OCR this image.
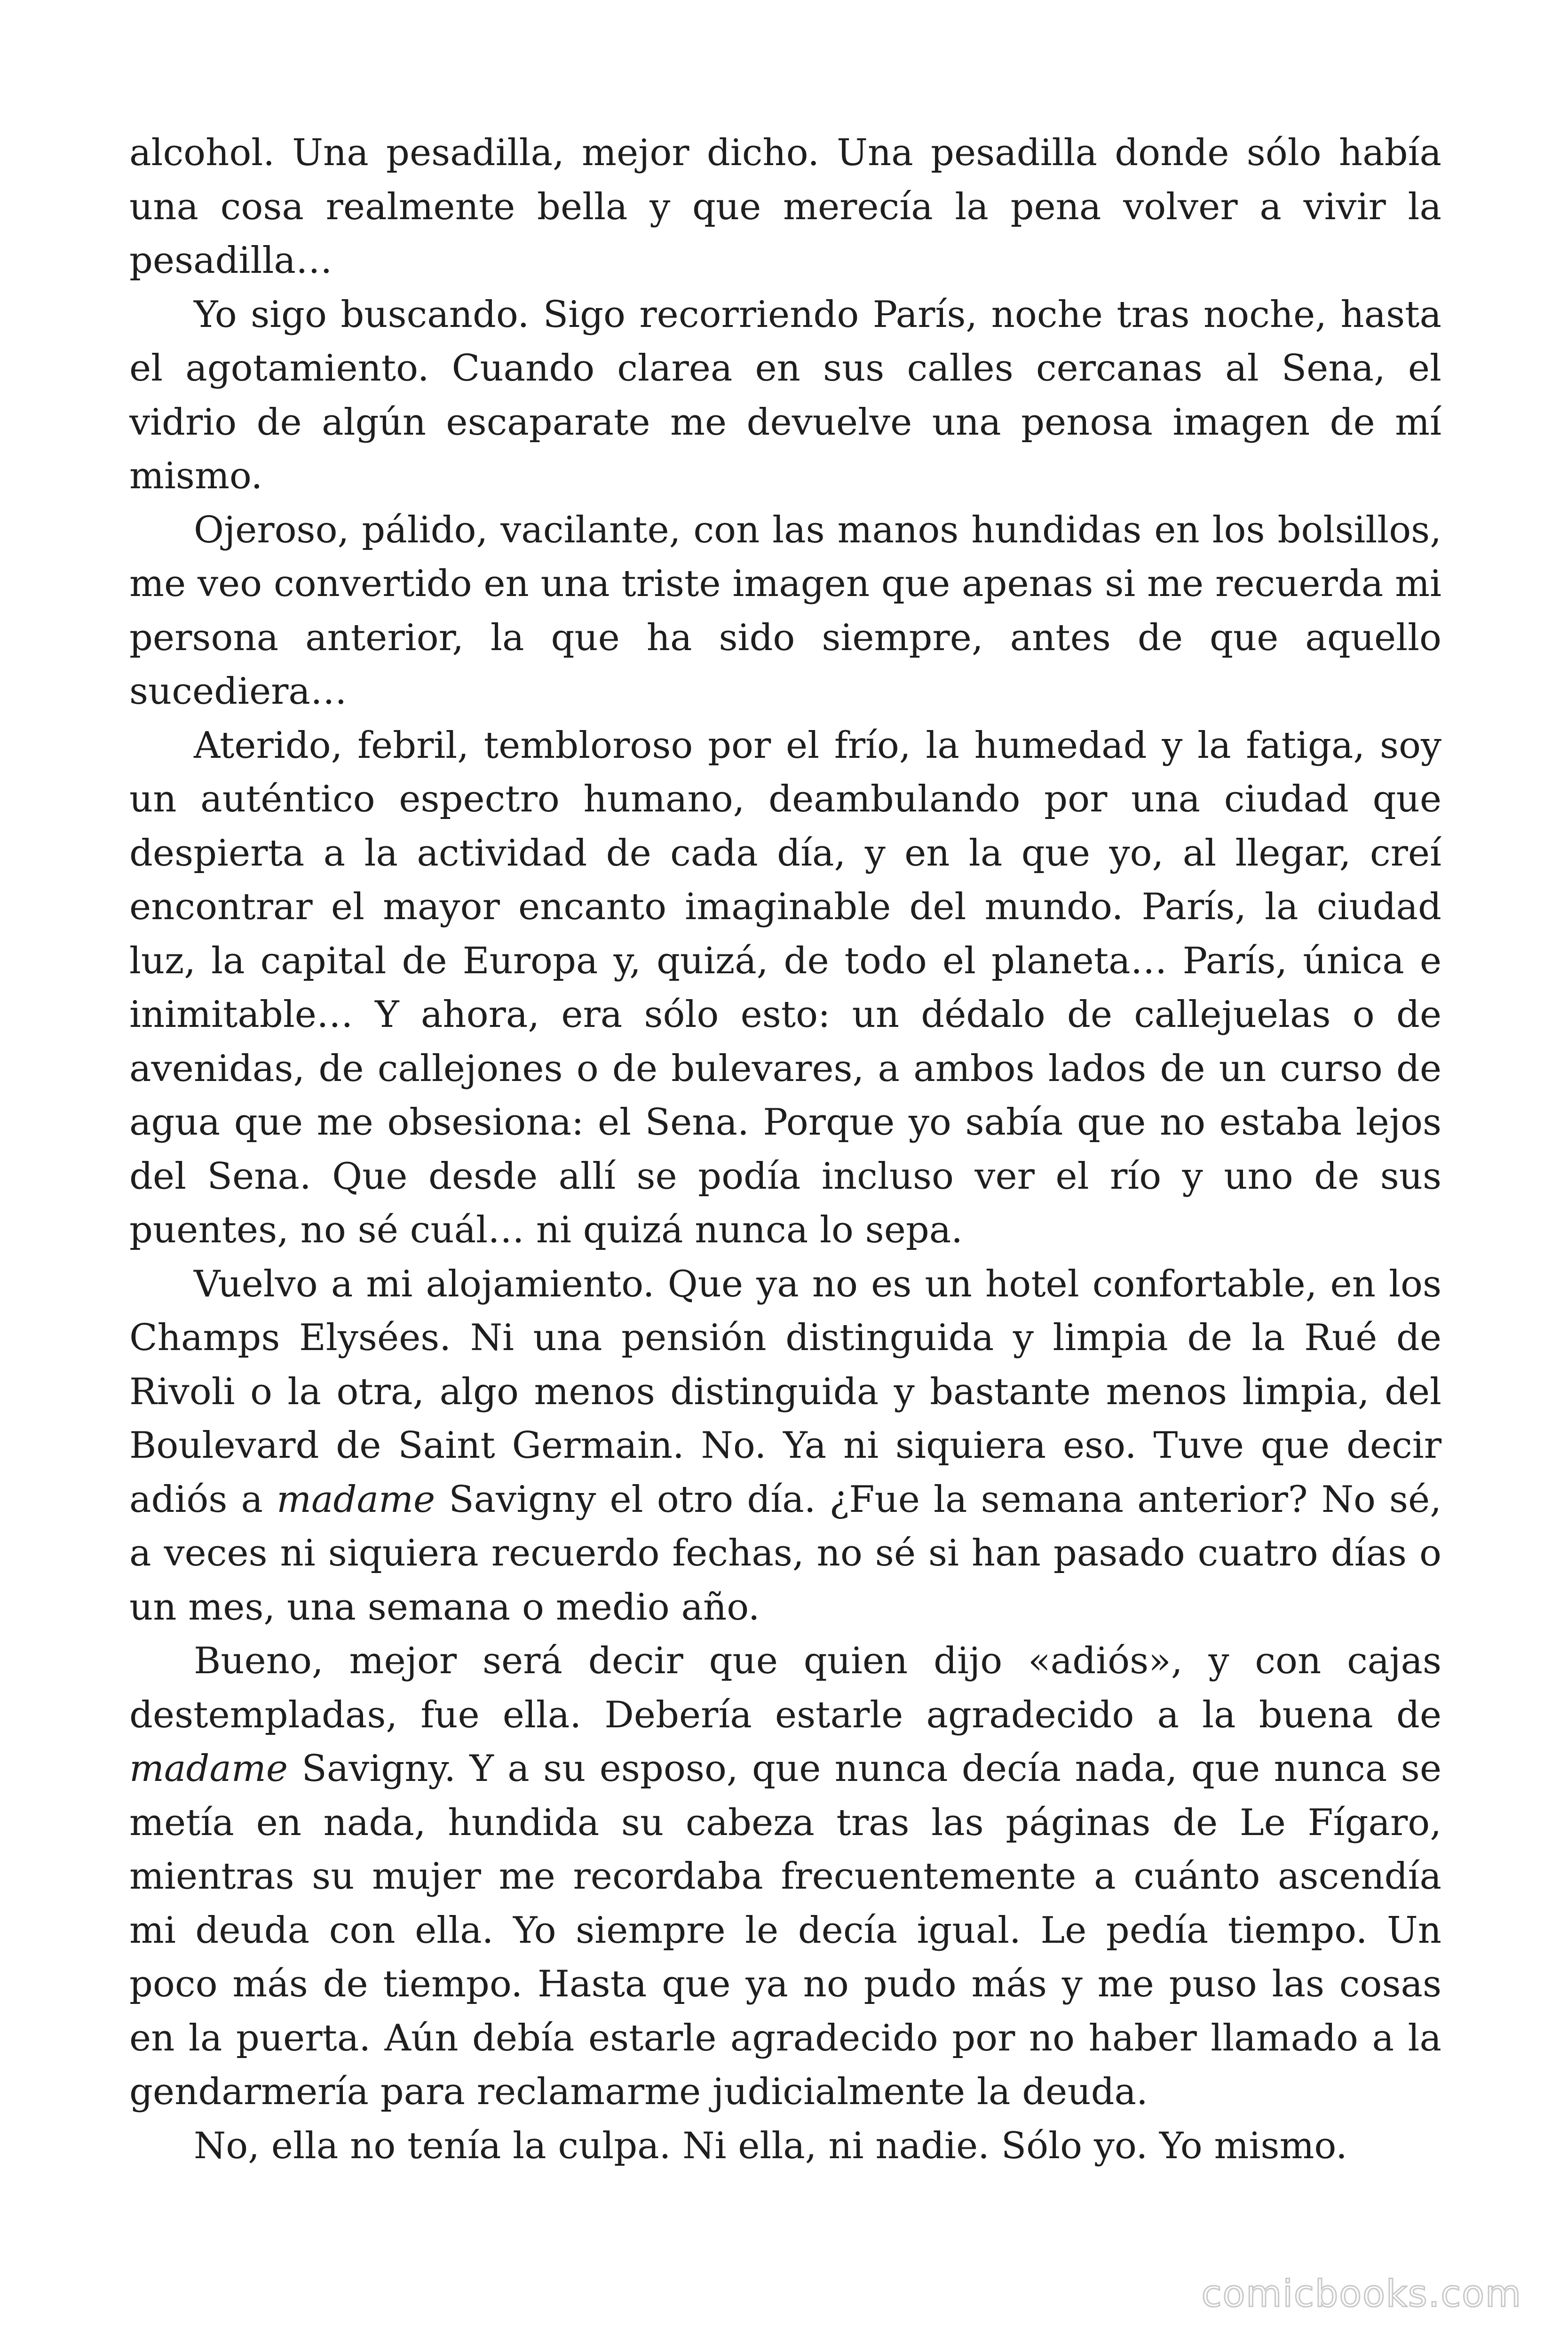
alcohol. Una pesadilla, mejor dicho. Una pesadilla donde sólo había una cosa realmente bella y que merecía la pena volver a vivir la pesadilla…

Yo sigo buscando. Sigo recorriendo París, noche tras noche, hasta el agotamiento. Cuando clarea en sus calles cercanas al Sena, el vidrio de algún escaparate me devuelve una penosa imagen de mí mismo.

Ojeroso, pálido, vacilante, con las manos hundidas en los bolsillos, me veo convertido en una triste imagen que apenas si me recuerda mi persona anterior, la que ha sido siempre, antes de que aquello sucediera…

Aterido, febril, tembloroso por el frío, la humedad y la fatiga, soy un auténtico espectro humano, deambulando por una ciudad que despierta a la actividad de cada día, y en la que yo, al llegar, creí encontrar el mayor encanto imaginable del mundo. París, la ciudad luz, la capital de Europa y, quizá, de todo el planeta… París, única e inimitable… Y ahora, era sólo esto: un dédalo de callejuelas o de avenidas, de callejones o de bulevares, a ambos lados de un curso de agua que me obsesiona: el Sena. Porque yo sabía que no estaba lejos del Sena. Que desde allí se podía incluso ver el río y uno de sus puentes, no sé cuál… ni quizá nunca lo sepa.

Vuelvo a mi alojamiento. Que ya no es un hotel confortable, en los Champs Elysées. Ni una pensión distinguida y limpia de la Rué de Rivoli o la otra, algo menos distinguida y bastante menos limpia, del Boulevard de Saint Germain. No. Ya ni siquiera eso. Tuve que decir adiós a madame Savigny el otro día. ¿Fue la semana anterior? No sé, a veces ni siquiera recuerdo fechas, no sé si han pasado cuatro días o un mes, una semana o medio año.

Bueno, mejor será decir que quien dijo «adiós», y con cajas destempladas, fue ella. Debería estarle agradecido a la buena de madame Savigny. Y a su esposo, que nunca decía nada, que nunca se metía en nada, hundida su cabeza tras las páginas de Le Fígaro, mientras su mujer me recordaba frecuentemente a cuánto ascendía mi deuda con ella. Yo siempre le decía igual. Le pedía tiempo. Un poco más de tiempo. Hasta que ya no pudo más y me puso las cosas en la puerta. Aún debía estarle agradecido por no haber llamado a la gendarmería para reclamarme judicialmente la deuda.

No, ella no tenía la culpa. Ni ella, ni nadie. Sólo yo. Yo mismo.

comicbooks.com
